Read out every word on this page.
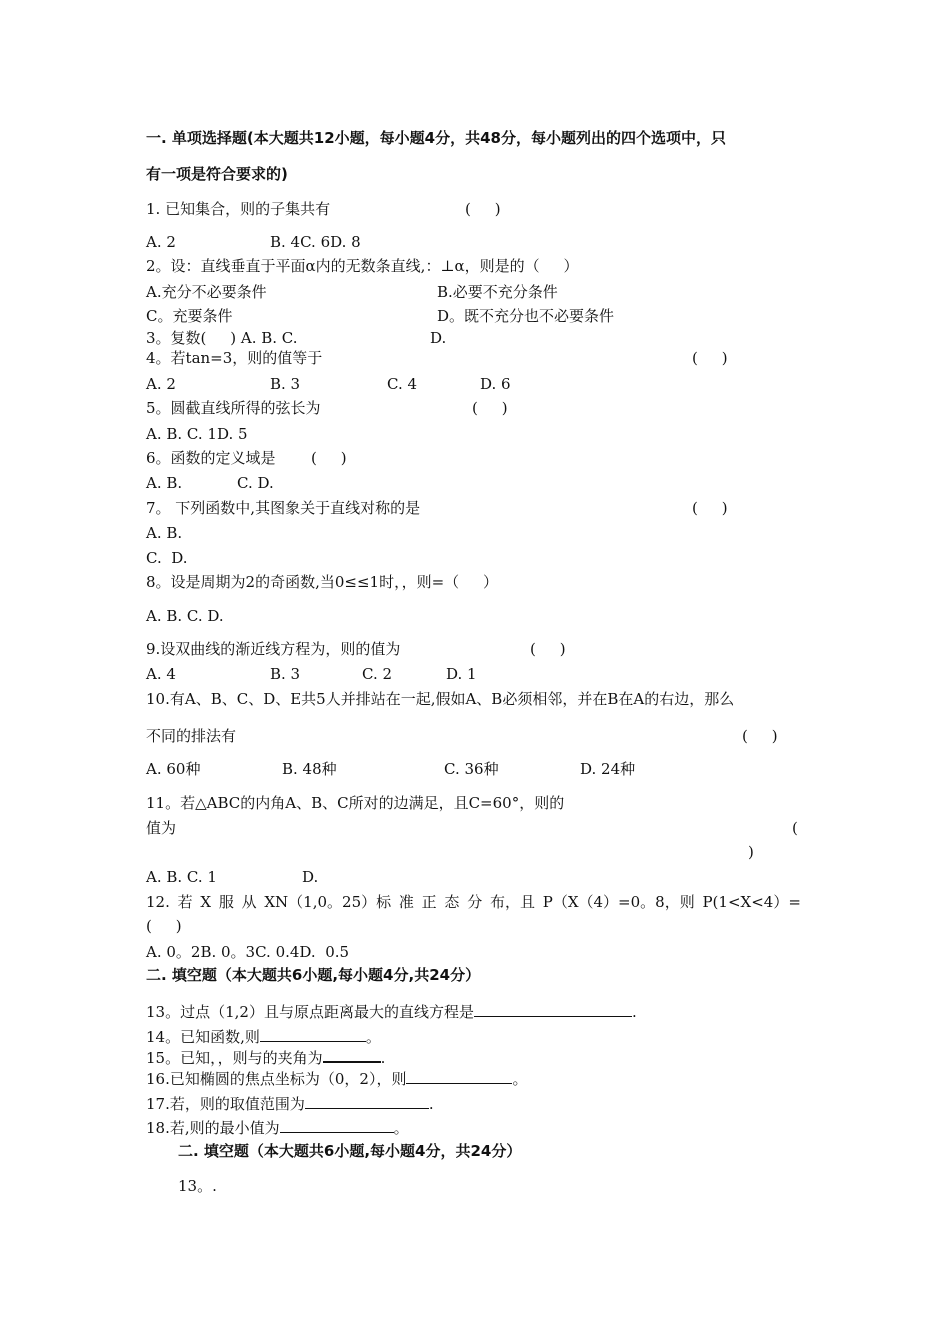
一. 单项选择题(本大题共12小题，每小题4分，共48分，每小题列出的四个选项中，只
有一项是符合要求的)
1. 已知集合，则的子集共有	(     )
A. 2	B. 4C. 6D. 8
2。设：直线垂直于平面α内的无数条直线,：⊥α，则是的（     ）
A.充分不必要条件	B.必要不充分条件
C。充要条件	D。既不充分也不必要条件
3。复数(     ) A. B. C.	D.
4。若tan=3，则的值等于	(     )
A. 2	B. 3	C. 4	D. 6
5。圆截直线所得的弦长为	(     )
A. B. C. 1D. 5
6。函数的定义域是 (     )
A. B.	C. D.
7。 下列函数中,其图象关于直线对称的是	(     )
A. B.
C.  D.
8。设是周期为2的奇函数,当0≤≤1时，，则=（     ）
A. B. C. D.
9.设双曲线的渐近线方程为，则的值为	(     )
A. 4	B. 3	C. 2	D. 1
10.有A、B、C、D、E共5人并排站在一起,假如A、B必须相邻，并在B在A的右边，那么
不同的排法有	(     )
A. 60种	B. 48种	C. 36种	D. 24种
11。若△ABC的内角A、B、C所对的边满足，且C=60°，则的
值为	(
)
A. B. C. 1	D.
12. 若 X 服 从 XN（1,0。25）标 准 正 态 分 布，且 P（X（4）=0。8，则 P(1<X<4）=
(     )
A. 0。2B. 0。3C. 0.4D.  0.5
二. 填空题（本大题共6小题,每小题4分,共24分）
13。过点（1,2）且与原点距离最大的直线方程是	.
14。已知函数,则	。
15。已知，，则与的夹角为	.
16.已知椭圆的焦点坐标为（0，2），则	。
17.若，则的取值范围为	.
18.若,则的最小值为	。
二. 填空题（本大题共6小题,每小题4分，共24分）
13。.
